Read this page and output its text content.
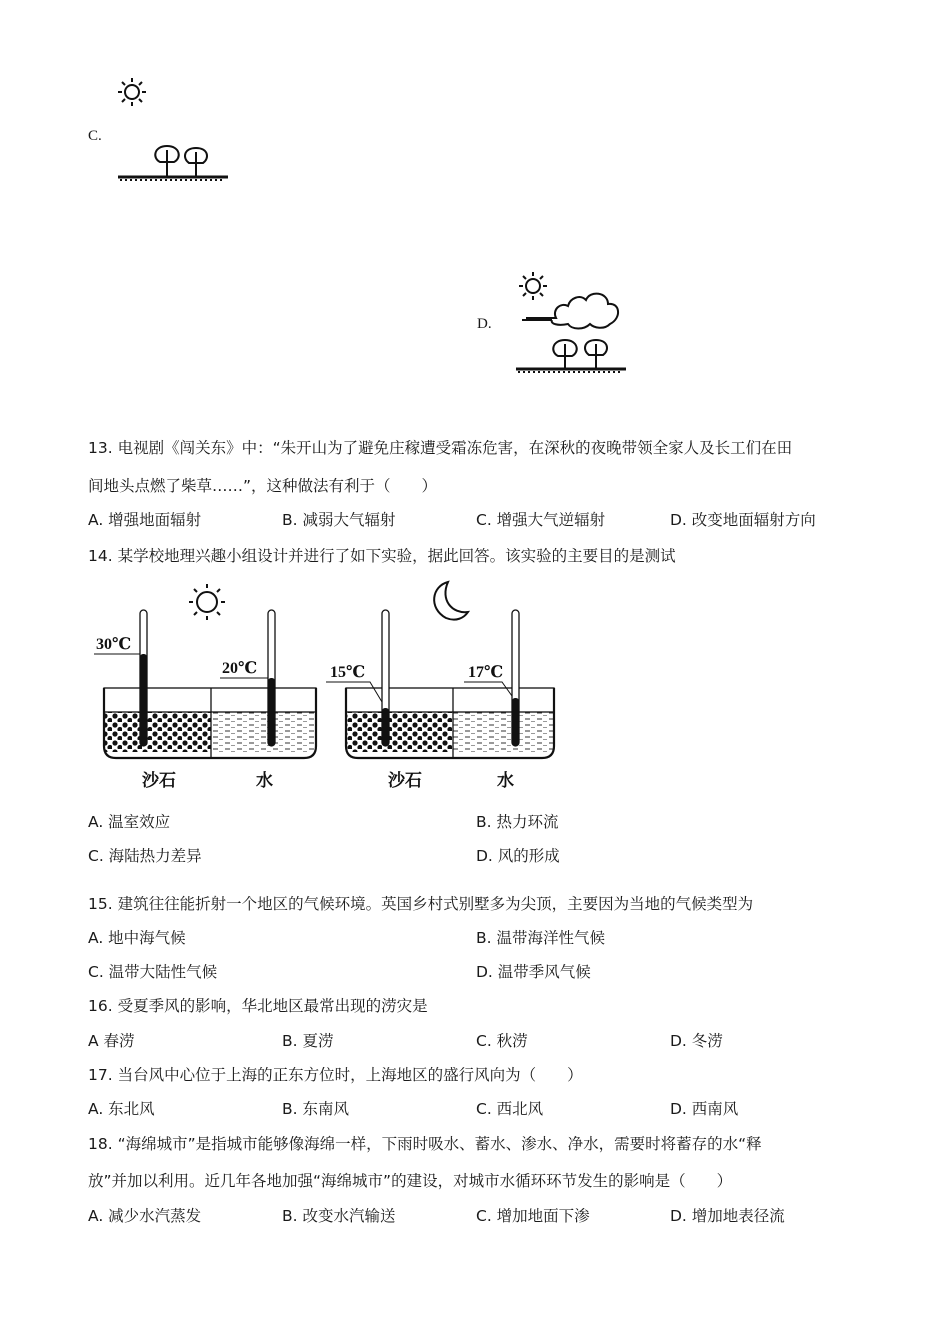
C.
D.
13. 电视剧《闯关东》中：“朱开山为了避免庄稼遭受霜冻危害，在深秋的夜晚带领全家人及长工们在田
间地头点燃了柴草……”，这种做法有利于（　　）
A. 增强地面辐射	B. 减弱大气辐射	C. 增强大气逆辐射	D. 改变地面辐射方向
14. 某学校地理兴趣小组设计并进行了如下实验，据此回答。该实验的主要目的是测试
30℃
20℃
沙石	水
15℃	17℃
沙石	水
A. 温室效应	B. 热力环流
C. 海陆热力差异	D. 风的形成
15. 建筑往往能折射一个地区的气候环境。英国乡村式别墅多为尖顶，主要因为当地的气候类型为
A. 地中海气候	B. 温带海洋性气候
C. 温带大陆性气候	D. 温带季风气候
16. 受夏季风的影响，华北地区最常出现的涝灾是
A 春涝	B. 夏涝	C. 秋涝	D. 冬涝
17. 当台风中心位于上海的正东方位时，上海地区的盛行风向为（　　）
A. 东北风	B. 东南风	C. 西北风	D. 西南风
18. “海绵城市”是指城市能够像海绵一样，下雨时吸水、蓄水、渗水、净水，需要时将蓄存的水“释
放”并加以利用。近几年各地加强“海绵城市”的建设，对城市水循环环节发生的影响是（　　）
A. 减少水汽蒸发	B. 改变水汽输送	C. 增加地面下渗	D. 增加地表径流
